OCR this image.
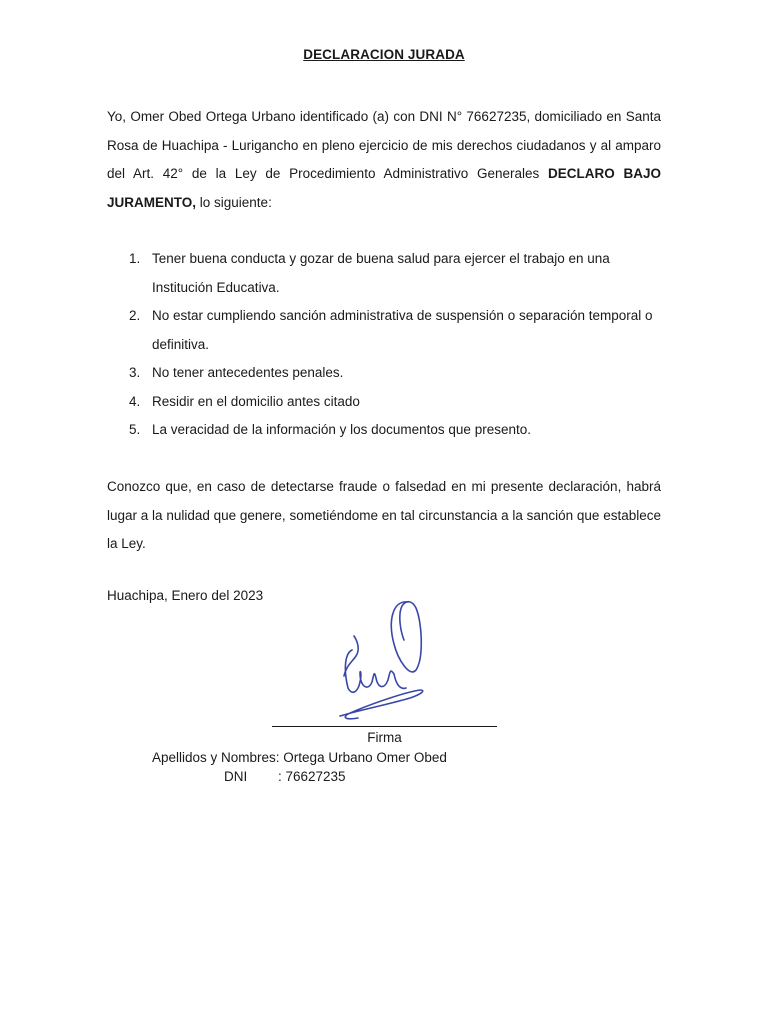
DECLARACION JURADA
Yo, Omer Obed Ortega Urbano identificado (a) con DNI N° 76627235, domiciliado en Santa Rosa de Huachipa - Lurigancho en pleno ejercicio de mis derechos ciudadanos y al amparo del Art. 42° de la Ley de Procedimiento Administrativo Generales DECLARO BAJO JURAMENTO, lo siguiente:
1. Tener buena conducta y gozar de buena salud para ejercer el trabajo en una Institución Educativa.
2. No estar cumpliendo sanción administrativa de suspensión o separación temporal o definitiva.
3. No tener antecedentes penales.
4. Residir en el domicilio antes citado
5. La veracidad de la información y los documentos que presento.
Conozco que, en caso de detectarse fraude o falsedad en mi presente declaración, habrá lugar a la nulidad que genere, sometiéndome en tal circunstancia a la sanción que establece la Ley.
Huachipa, Enero del 2023
Firma
Apellidos y Nombres: Ortega Urbano Omer Obed
DNI : 76627235
